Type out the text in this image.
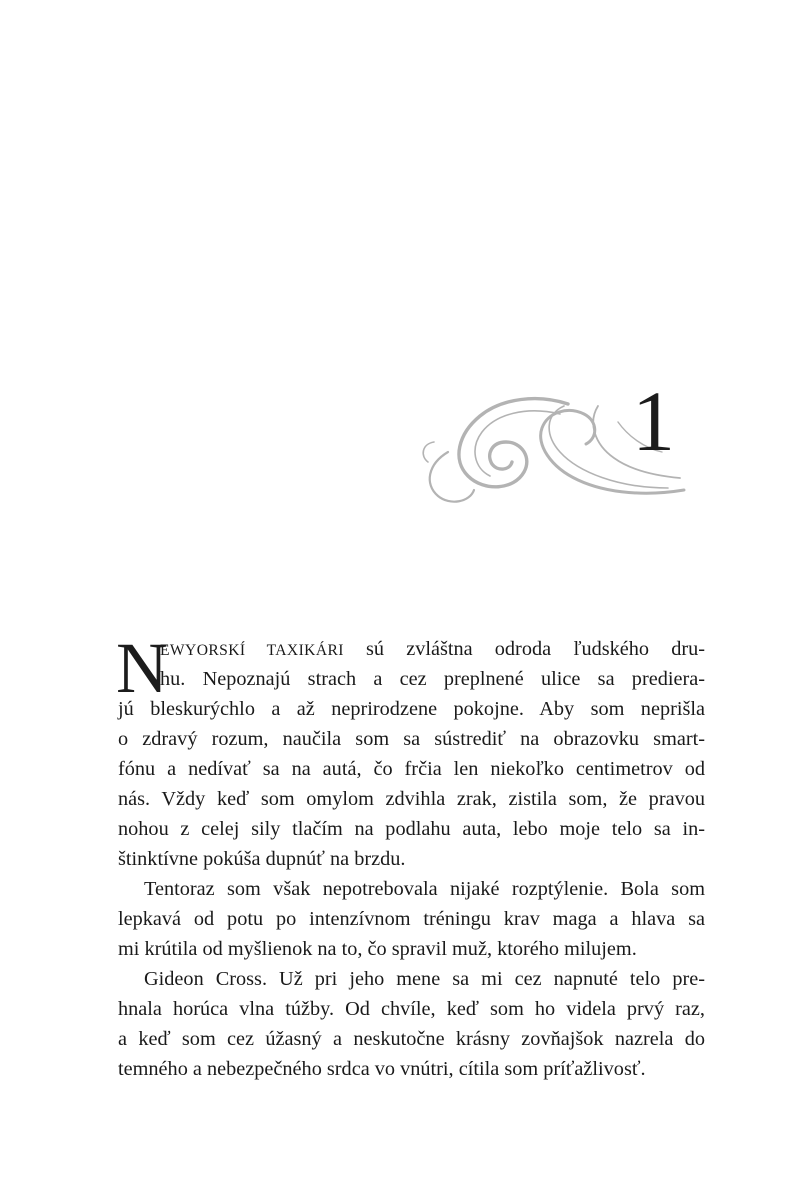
1
N
EWYORSKÍ TAXIKÁRI sú zvláštna odroda ľudského dru-
hu. Nepoznajú strach a cez preplnené ulice sa prediera-
jú bleskurýchlo a až neprirodzene pokojne. Aby som neprišla
o zdravý rozum, naučila som sa sústrediť na obrazovku smart-
fónu a nedívať sa na autá, čo frčia len niekoľko centimetrov od
nás. Vždy keď som omylom zdvihla zrak, zistila som, že pravou
nohou z celej sily tlačím na podlahu auta, lebo moje telo sa in-
štinktívne pokúša dupnúť na brzdu.
Tentoraz som však nepotrebovala nijaké rozptýlenie. Bola som
lepkavá od potu po intenzívnom tréningu krav maga a hlava sa
mi krútila od myšlienok na to, čo spravil muž, ktorého milujem.
Gideon Cross. Už pri jeho mene sa mi cez napnuté telo pre-
hnala horúca vlna túžby. Od chvíle, keď som ho videla prvý raz,
a keď som cez úžasný a neskutočne krásny zovňajšok nazrela do
temného a nebezpečného srdca vo vnútri, cítila som príťažlivosť.
